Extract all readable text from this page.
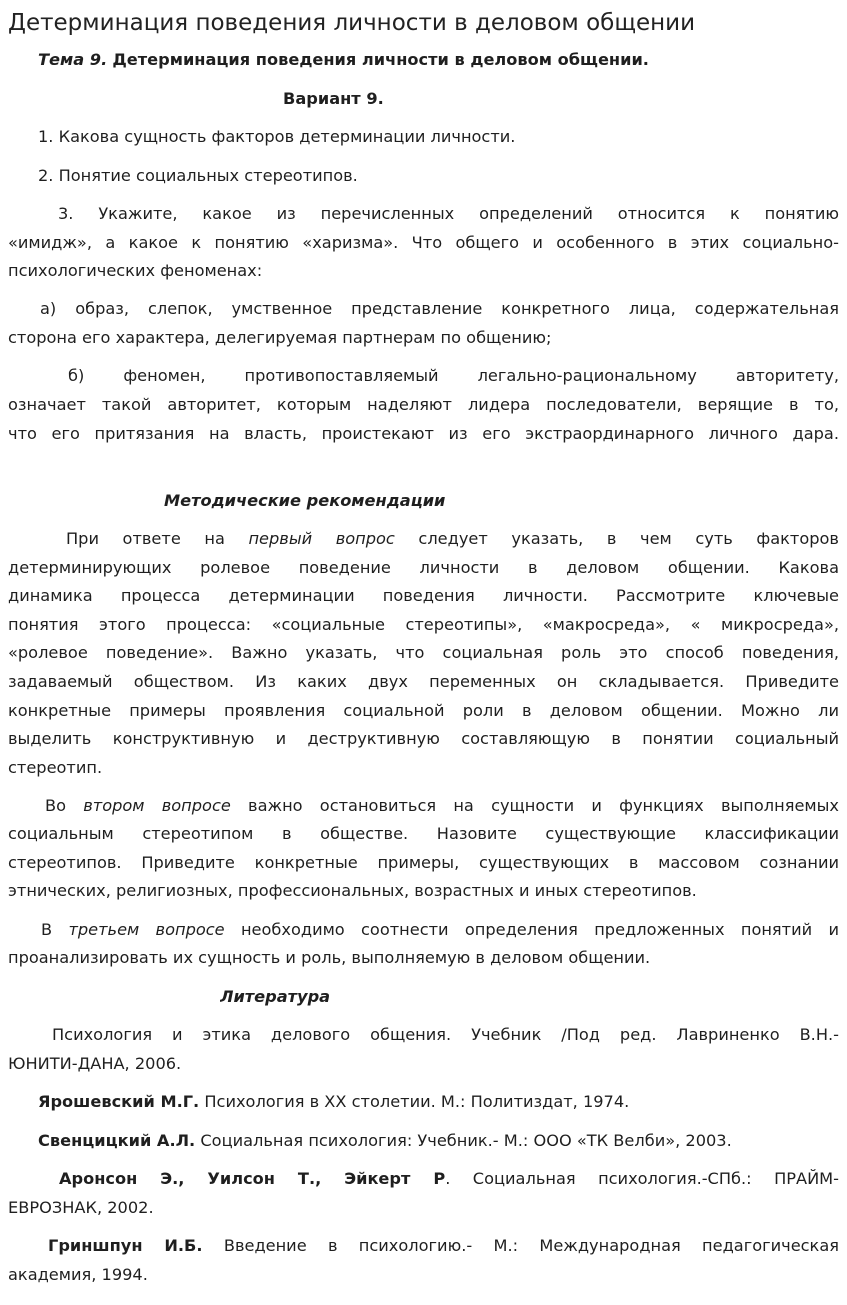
Детерминация поведения личности в деловом общении
Тема 9. Детерминация поведения личности в деловом общении.
Вариант 9.
1. Какова сущность факторов детерминации личности.
2. Понятие социальных стереотипов.
3. Укажите, какое из перечисленных определений относится к понятию
«имидж», а какое к понятию «харизма». Что общего и особенного в этих социально-
психологических феноменах:
а) образ, слепок, умственное представление конкретного лица, содержательная
сторона его характера, делегируемая партнерам по общению;
б) феномен, противопоставляемый легально-рациональному авторитету,
означает такой авторитет, которым наделяют лидера последователи, верящие в то,
что его притязания на власть, проистекают из его экстраординарного личного дара.
Методические рекомендации
При ответе на первый вопрос следует указать, в чем суть факторов
детерминирующих ролевое поведение личности в деловом общении. Какова
динамика процесса детерминации поведения личности. Рассмотрите ключевые
понятия этого процесса: «социальные стереотипы», «макросреда», « микросреда»,
«ролевое поведение». Важно указать, что социальная роль это способ поведения,
задаваемый обществом. Из каких двух переменных он складывается. Приведите
конкретные примеры проявления социальной роли в деловом общении. Можно ли
выделить конструктивную и деструктивную составляющую в понятии социальный
стереотип.
Во втором вопросе важно остановиться на сущности и функциях выполняемых
социальным стереотипом в обществе. Назовите существующие классификации
стереотипов. Приведите конкретные примеры, существующих в массовом сознании
этнических, религиозных, профессиональных, возрастных и иных стереотипов.
В третьем вопросе необходимо соотнести определения предложенных понятий и
проанализировать их сущность и роль, выполняемую в деловом общении.
Литература
Психология и этика делового общения. Учебник /Под ред. Лавриненко В.Н.-
ЮНИТИ-ДАНА, 2006.
Ярошевский М.Г. Психология в ХХ столетии. М.: Политиздат, 1974.
Свенцицкий А.Л. Социальная психология: Учебник.- М.: ООО «ТК Велби», 2003.
Аронсон Э., Уилсон Т., Эйкерт Р. Социальная психология.-СПб.: ПРАЙМ-
ЕВРОЗНАК, 2002.
Гриншпун И.Б. Введение в психологию.- М.: Международная педагогическая
академия, 1994.
